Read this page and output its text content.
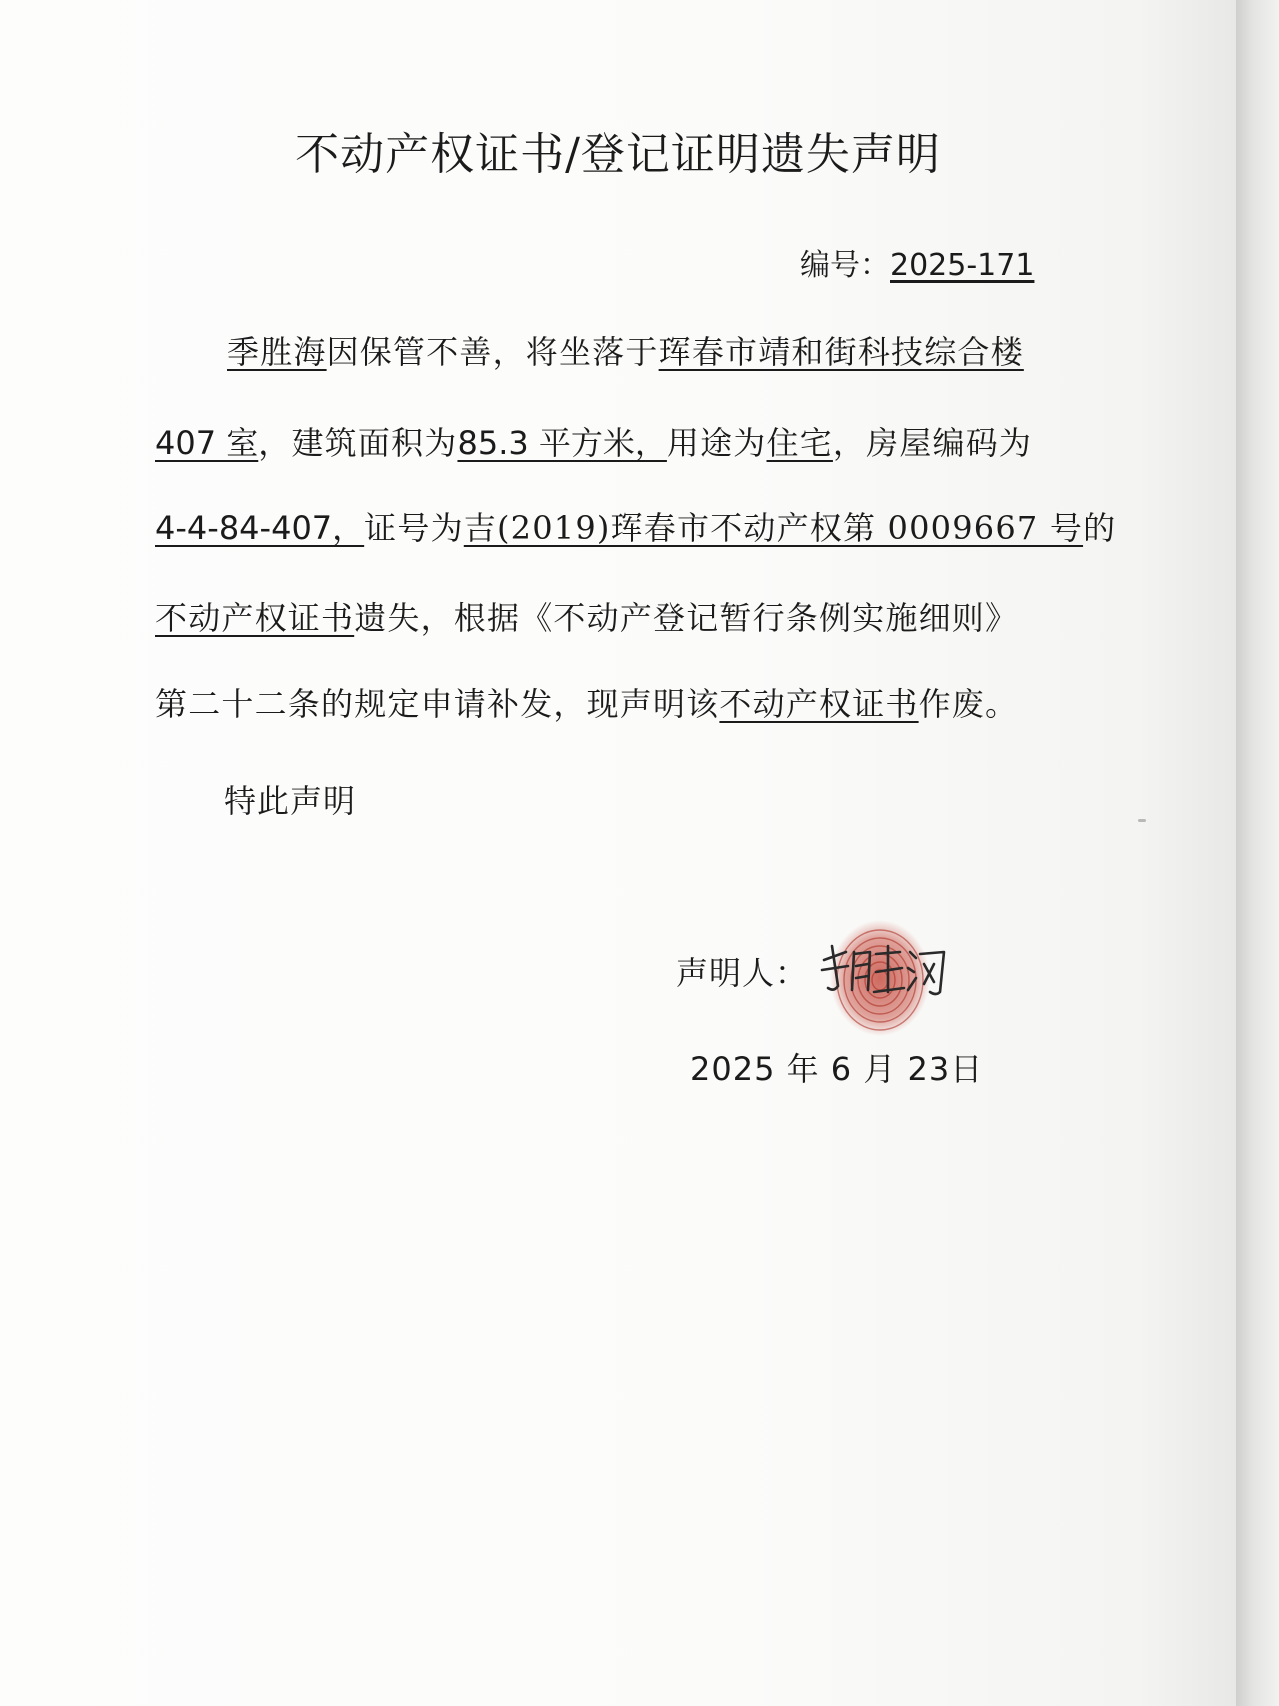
不动产权证书/登记证明遗失声明
编号：2025-171
季胜海因保管不善，将坐落于珲春市靖和街科技综合楼
407 室，建筑面积为85.3 平方米，用途为住宅，房屋编码为
4-4-84-407，证号为吉(2019)珲春市不动产权第 0009667 号的
不动产权证书遗失，根据《不动产登记暂行条例实施细则》
第二十二条的规定申请补发，现声明该不动产权证书作废。
特此声明
声明人：
2025 年 6 月 23日
